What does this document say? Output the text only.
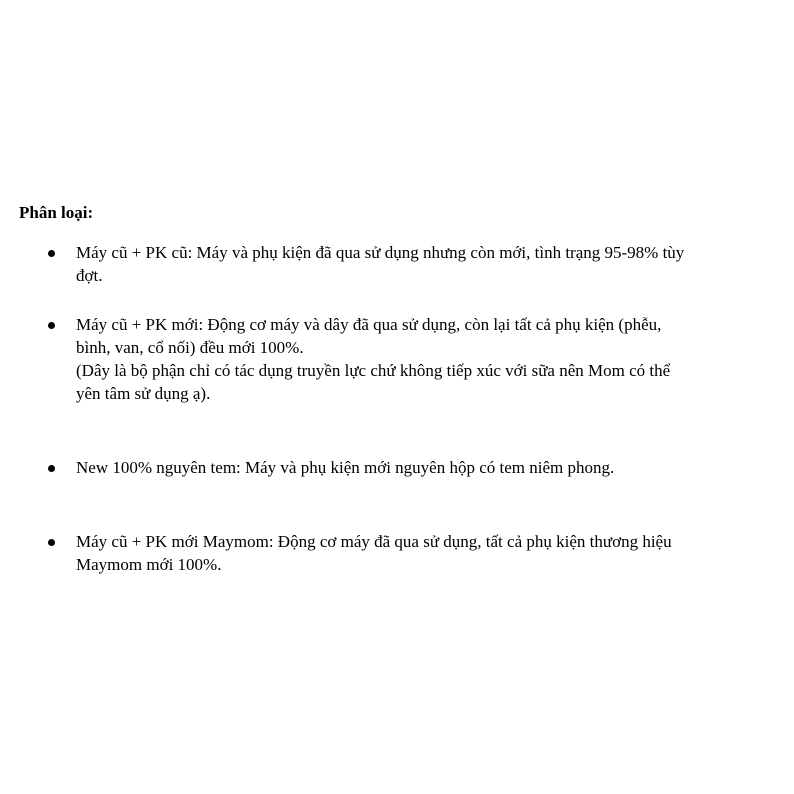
Phân loại:

Máy cũ + PK cũ: Máy và phụ kiện đã qua sử dụng nhưng còn mới, tình trạng 95-98% tùy
đợt.
Máy cũ + PK mới: Động cơ máy và dây đã qua sử dụng, còn lại tất cả phụ kiện (phễu,
bình, van, cổ nối) đều mới 100%.
(Dây là bộ phận chỉ có tác dụng truyền lực chứ không tiếp xúc với sữa nên Mom có thể
yên tâm sử dụng ạ).
New 100% nguyên tem: Máy và phụ kiện mới nguyên hộp có tem niêm phong.
Máy cũ + PK mới Maymom: Động cơ máy đã qua sử dụng, tất cả phụ kiện thương hiệu
Maymom mới 100%.
